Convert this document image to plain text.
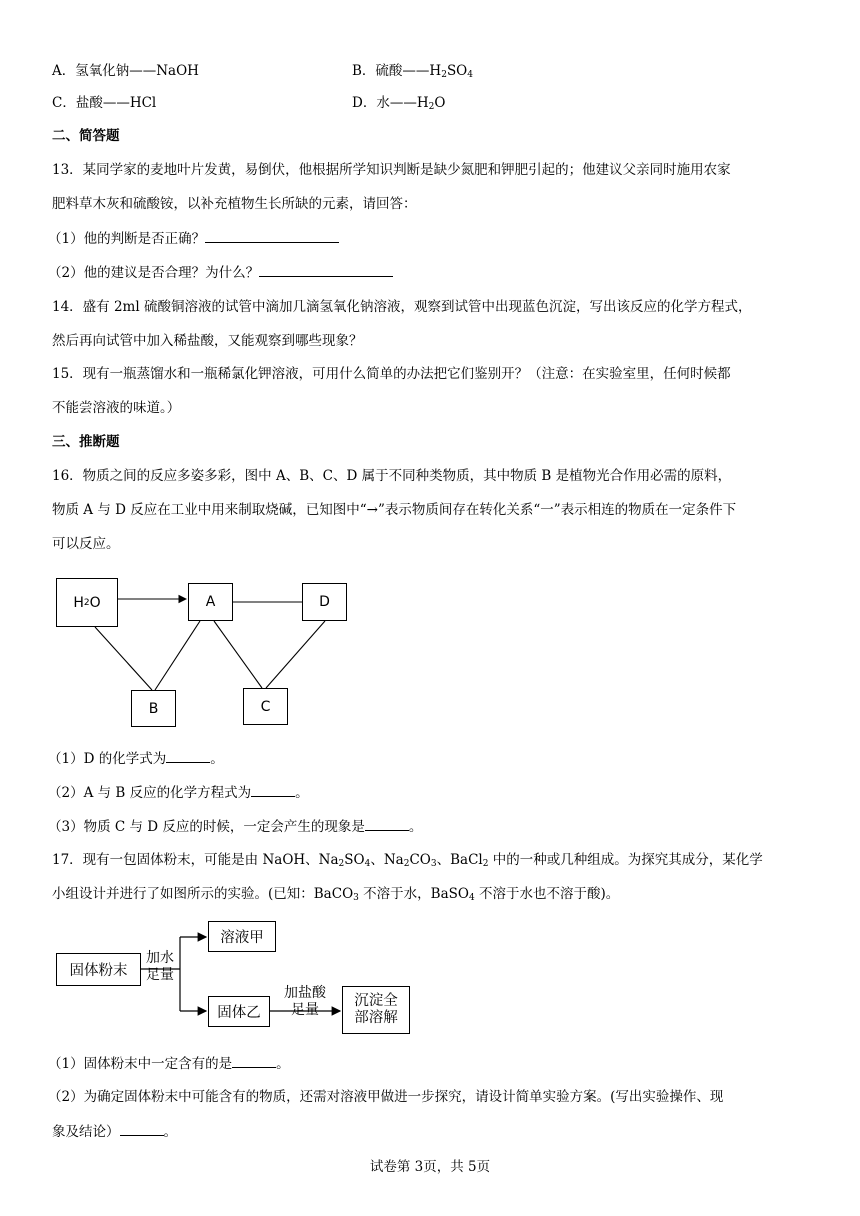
A．氢氧化钠——NaOH	B．硫酸$——H_2SO_4$
C．盐酸——HCl	D．水$——H_2O$
二、简答题
13．某同学家的麦地叶片发黄，易倒伏，他根据所学知识判断是缺少氮肥和钾肥引起的；他建议父亲同时施用农家
肥料草木灰和硫酸铵，以补充植物生长所缺的元素，请回答：
（1）他的判断是否正确？
（2）他的建议是否合理？为什么？
14．盛有 2ml 硫酸铜溶液的试管中滴加几滴氢氧化钠溶液，观察到试管中出现蓝色沉淀，写出该反应的化学方程式，
然后再向试管中加入稀盐酸，又能观察到哪些现象？
15．现有一瓶蒸馏水和一瓶稀氯化钾溶液，可用什么简单的办法把它们鉴别开？（注意：在实验室里，任何时候都
不能尝溶液的味道。）
三、推断题
16．物质之间的反应多姿多彩，图中 A、B、C、D 属于不同种类物质，其中物质 B 是植物光合作用必需的原料，
物质 A 与 D 反应在工业中用来制取烧碱，已知图中“→”表示物质间存在转化关系“一”表示相连的物质在一定条件下
可以反应。
H 2 O	A	D
B	C
（1）D 的化学式为	。
（2）A 与 B 反应的化学方程式为	。
（3）物质 C 与 D 反应的时候，一定会产生的现象是	。
17．现有一包固体粉末，可能是由 NaOH、$Na_2SO_4$、$Na_2CO_3$、BaCl$_2$ 中的一种或几种组成。为探究其成分，某化学
小组设计并进行了如图所示的实验。(已知：BaCO$_3$ 不溶于水，BaSO$_4$ 不溶于水也不溶于酸)。
固体粉末
加水
足量
溶液甲
固体乙
加盐酸
足量
沉淀全
部溶解
（1）固体粉末中一定含有的是	。
（2）为确定固体粉末中可能含有的物质，还需对溶液甲做进一步探究，请设计简单实验方案。(写出实验操作、现
象及结论）	。
试卷第 3页，共 5页
